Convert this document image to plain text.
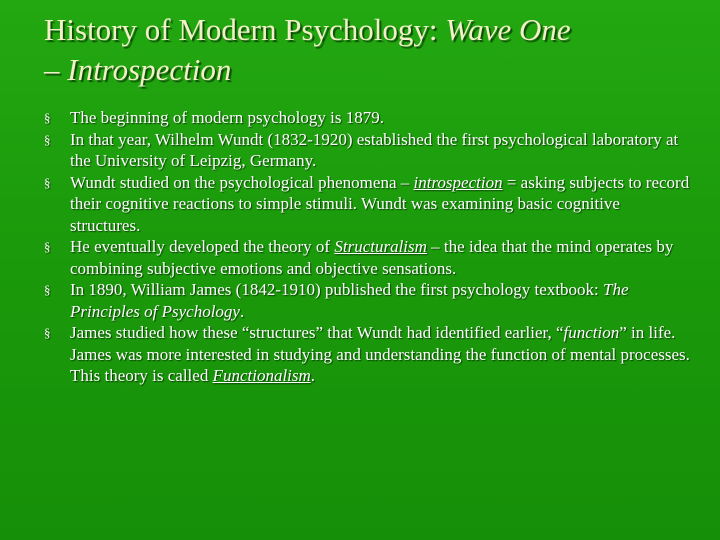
History of Modern Psychology: Wave One
– Introspection
§ The beginning of modern psychology is 1879.
§ In that year, Wilhelm Wundt (1832-1920) established the first psychological laboratory at the University of Leipzig, Germany.
§ Wundt studied on the psychological phenomena – introspection = asking subjects to record their cognitive reactions to simple stimuli. Wundt was examining basic cognitive structures.
§ He eventually developed the theory of Structuralism – the idea that the mind operates by combining subjective emotions and objective sensations.
§ In 1890, William James (1842-1910) published the first psychology textbook: The Principles of Psychology.
§ James studied how these “structures” that Wundt had identified earlier, “function” in life. James was more interested in studying and understanding the function of mental processes. This theory is called Functionalism.
